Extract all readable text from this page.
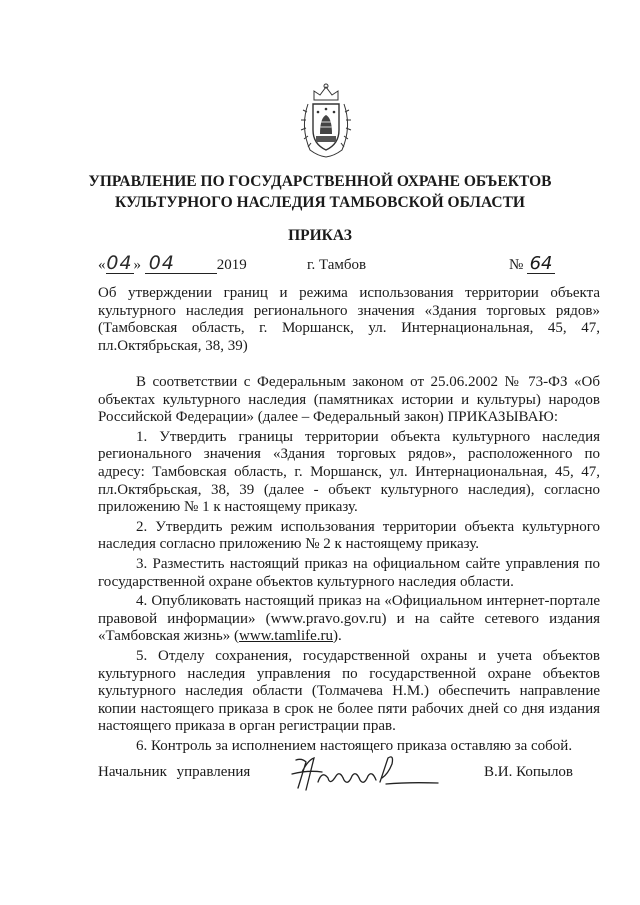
УПРАВЛЕНИЕ ПО ГОСУДАРСТВЕННОЙ ОХРАНЕ ОБЪЕКТОВ
КУЛЬТУРНОГО НАСЛЕДИЯ ТАМБОВСКОЙ ОБЛАСТИ
ПРИКАЗ
«04» 04	2019	г. Тамбов	№ 64
Об утверждении границ и режима использования территории объекта культурного наследия регионального значения «Здания торговых рядов» (Тамбовская область, г. Моршанск, ул. Интернациональная, 45, 47, пл.Октябрьская, 38, 39)

В соответствии с Федеральным законом от 25.06.2002 № 73-ФЗ «Об объектах культурного наследия (памятниках истории и культуры) народов Российской Федерации» (далее – Федеральный закон) ПРИКАЗЫВАЮ:

1. Утвердить границы территории объекта культурного наследия регионального значения «Здания торговых рядов», расположенного по адресу: Тамбовская область, г. Моршанск, ул. Интернациональная, 45, 47, пл.Октябрьская, 38, 39 (далее - объект культурного наследия), согласно приложению № 1 к настоящему приказу.

2. Утвердить режим использования территории объекта культурного наследия согласно приложению № 2 к настоящему приказу.

3. Разместить настоящий приказ на официальном сайте управления по государственной охране объектов культурного наследия области.

4. Опубликовать настоящий приказ на «Официальном интернет-портале правовой информации» (www.pravo.gov.ru) и на сайте сетевого издания «Тамбовская жизнь» (www.tamlife.ru).

5. Отделу сохранения, государственной охраны и учета объектов культурного наследия управления по государственной охране объектов культурного наследия области (Толмачева Н.М.) обеспечить направление копии настоящего приказа в срок не более пяти рабочих дней со дня издания настоящего приказа в орган регистрации прав.

6. Контроль за исполнением настоящего приказа оставляю за собой.

Начальник управления	В.И. Копылов
